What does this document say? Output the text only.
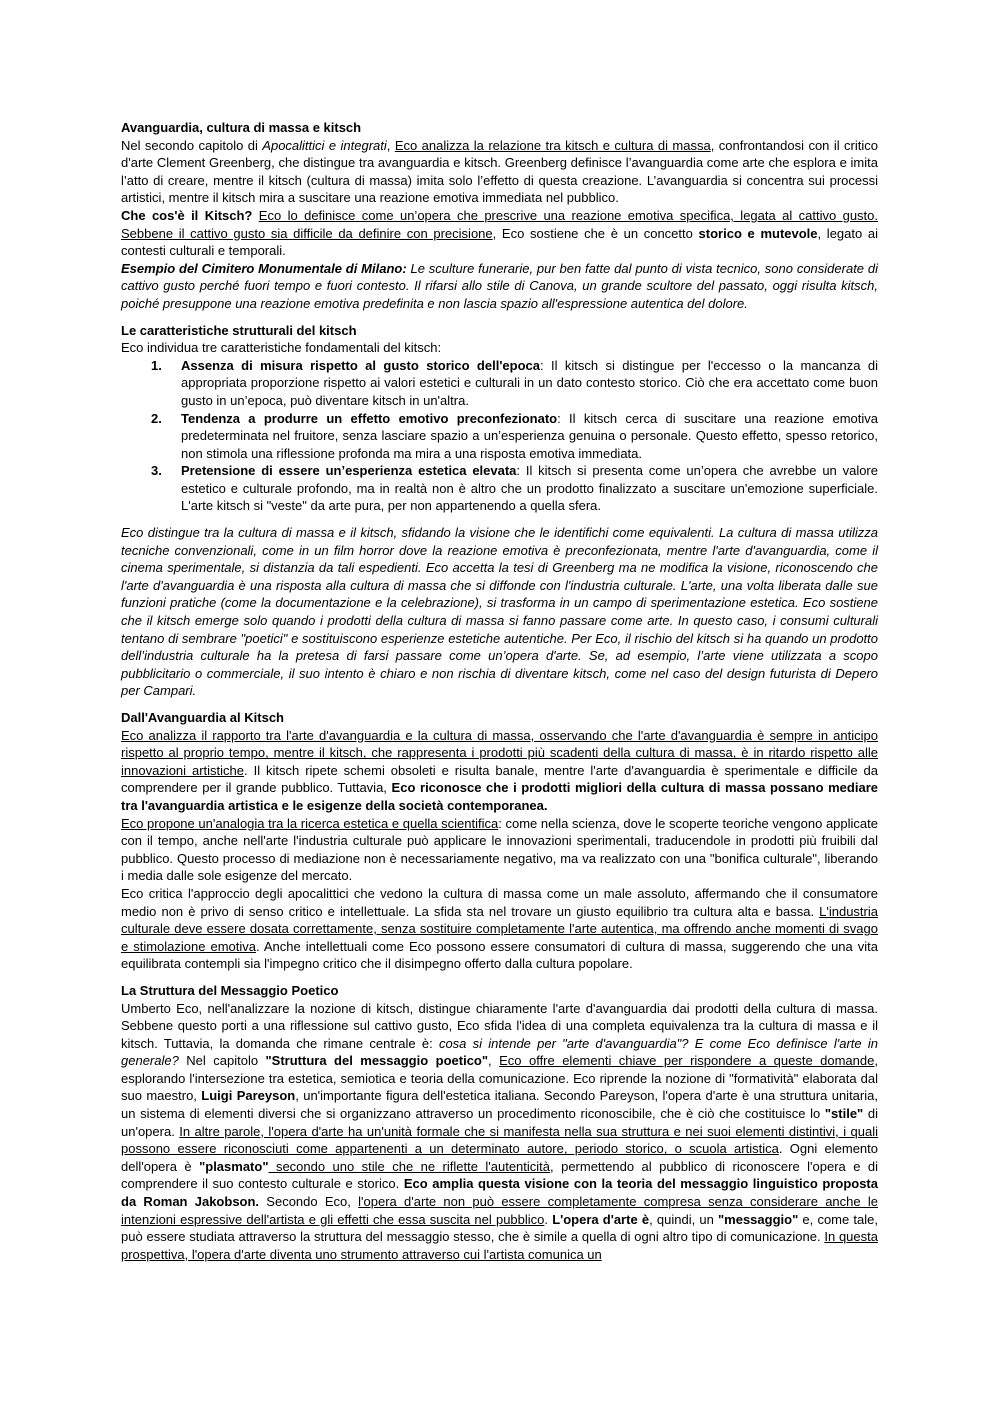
Avanguardia, cultura di massa e kitsch

Nel secondo capitolo di Apocalittici e integrati, Eco analizza la relazione tra kitsch e cultura di massa, confrontandosi con il critico d'arte Clement Greenberg, che distingue tra avanguardia e kitsch. Greenberg definisce l’avanguardia come arte che esplora e imita l’atto di creare, mentre il kitsch (cultura di massa) imita solo l’effetto di questa creazione. L’avanguardia si concentra sui processi artistici, mentre il kitsch mira a suscitare una reazione emotiva immediata nel pubblico.

Che cos'è il Kitsch? Eco lo definisce come un’opera che prescrive una reazione emotiva specifica, legata al cattivo gusto. Sebbene il cattivo gusto sia difficile da definire con precisione, Eco sostiene che è un concetto storico e mutevole, legato ai contesti culturali e temporali.

Esempio del Cimitero Monumentale di Milano: Le sculture funerarie, pur ben fatte dal punto di vista tecnico, sono considerate di cattivo gusto perché fuori tempo e fuori contesto. Il rifarsi allo stile di Canova, un grande scultore del passato, oggi risulta kitsch, poiché presuppone una reazione emotiva predefinita e non lascia spazio all'espressione autentica del dolore.

Le caratteristiche strutturali del kitsch

Eco individua tre caratteristiche fondamentali del kitsch:

1. Assenza di misura rispetto al gusto storico dell'epoca: Il kitsch si distingue per l'eccesso o la mancanza di appropriata proporzione rispetto ai valori estetici e culturali in un dato contesto storico. Ciò che era accettato come buon gusto in un’epoca, può diventare kitsch in un'altra.
2. Tendenza a produrre un effetto emotivo preconfezionato: Il kitsch cerca di suscitare una reazione emotiva predeterminata nel fruitore, senza lasciare spazio a un’esperienza genuina o personale. Questo effetto, spesso retorico, non stimola una riflessione profonda ma mira a una risposta emotiva immediata.
3. Pretensione di essere un’esperienza estetica elevata: Il kitsch si presenta come un’opera che avrebbe un valore estetico e culturale profondo, ma in realtà non è altro che un prodotto finalizzato a suscitare un'emozione superficiale. L'arte kitsch si "veste" da arte pura, per non appartenendo a quella sfera.

Eco distingue tra la cultura di massa e il kitsch, sfidando la visione che le identifichi come equivalenti. La cultura di massa utilizza tecniche convenzionali, come in un film horror dove la reazione emotiva è preconfezionata, mentre l'arte d'avanguardia, come il cinema sperimentale, si distanzia da tali espedienti. Eco accetta la tesi di Greenberg ma ne modifica la visione, riconoscendo che l'arte d'avanguardia è una risposta alla cultura di massa che si diffonde con l'industria culturale. L'arte, una volta liberata dalle sue funzioni pratiche (come la documentazione e la celebrazione), si trasforma in un campo di sperimentazione estetica. Eco sostiene che il kitsch emerge solo quando i prodotti della cultura di massa si fanno passare come arte. In questo caso, i consumi culturali tentano di sembrare "poetici" e sostituiscono esperienze estetiche autentiche. Per Eco, il rischio del kitsch si ha quando un prodotto dell’industria culturale ha la pretesa di farsi passare come un’opera d'arte. Se, ad esempio, l’arte viene utilizzata a scopo pubblicitario o commerciale, il suo intento è chiaro e non rischia di diventare kitsch, come nel caso del design futurista di Depero per Campari.

Dall'Avanguardia al Kitsch

Eco analizza il rapporto tra l'arte d'avanguardia e la cultura di massa, osservando che l'arte d'avanguardia è sempre in anticipo rispetto al proprio tempo, mentre il kitsch, che rappresenta i prodotti più scadenti della cultura di massa, è in ritardo rispetto alle innovazioni artistiche. Il kitsch ripete schemi obsoleti e risulta banale, mentre l'arte d'avanguardia è sperimentale e difficile da comprendere per il grande pubblico. Tuttavia, Eco riconosce che i prodotti migliori della cultura di massa possano mediare tra l'avanguardia artistica e le esigenze della società contemporanea.

Eco propone un'analogia tra la ricerca estetica e quella scientifica: come nella scienza, dove le scoperte teoriche vengono applicate con il tempo, anche nell'arte l'industria culturale può applicare le innovazioni sperimentali, traducendole in prodotti più fruibili dal pubblico. Questo processo di mediazione non è necessariamente negativo, ma va realizzato con una "bonifica culturale", liberando i media dalle sole esigenze del mercato.

Eco critica l'approccio degli apocalittici che vedono la cultura di massa come un male assoluto, affermando che il consumatore medio non è privo di senso critico e intellettuale. La sfida sta nel trovare un giusto equilibrio tra cultura alta e bassa. L'industria culturale deve essere dosata correttamente, senza sostituire completamente l'arte autentica, ma offrendo anche momenti di svago e stimolazione emotiva. Anche intellettuali come Eco possono essere consumatori di cultura di massa, suggerendo che una vita equilibrata contempli sia l'impegno critico che il disimpegno offerto dalla cultura popolare.

La Struttura del Messaggio Poetico

Umberto Eco, nell'analizzare la nozione di kitsch, distingue chiaramente l'arte d'avanguardia dai prodotti della cultura di massa. Sebbene questo porti a una riflessione sul cattivo gusto, Eco sfida l'idea di una completa equivalenza tra la cultura di massa e il kitsch. Tuttavia, la domanda che rimane centrale è: cosa si intende per "arte d'avanguardia"? E come Eco definisce l'arte in generale? Nel capitolo "Struttura del messaggio poetico", Eco offre elementi chiave per rispondere a queste domande, esplorando l'intersezione tra estetica, semiotica e teoria della comunicazione. Eco riprende la nozione di "formatività" elaborata dal suo maestro, Luigi Pareyson, un'importante figura dell'estetica italiana. Secondo Pareyson, l'opera d'arte è una struttura unitaria, un sistema di elementi diversi che si organizzano attraverso un procedimento riconoscibile, che è ciò che costituisce lo "stile" di un'opera. In altre parole, l'opera d'arte ha un'unità formale che si manifesta nella sua struttura e nei suoi elementi distintivi, i quali possono essere riconosciuti come appartenenti a un determinato autore, periodo storico, o scuola artistica. Ogni elemento dell'opera è "plasmato" secondo uno stile che ne riflette l'autenticità, permettendo al pubblico di riconoscere l'opera e di comprendere il suo contesto culturale e storico. Eco amplia questa visione con la teoria del messaggio linguistico proposta da Roman Jakobson. Secondo Eco, l'opera d'arte non può essere completamente compresa senza considerare anche le intenzioni espressive dell'artista e gli effetti che essa suscita nel pubblico. L'opera d'arte è, quindi, un "messaggio" e, come tale, può essere studiata attraverso la struttura del messaggio stesso, che è simile a quella di ogni altro tipo di comunicazione. In questa prospettiva, l'opera d'arte diventa uno strumento attraverso cui l'artista comunica un
